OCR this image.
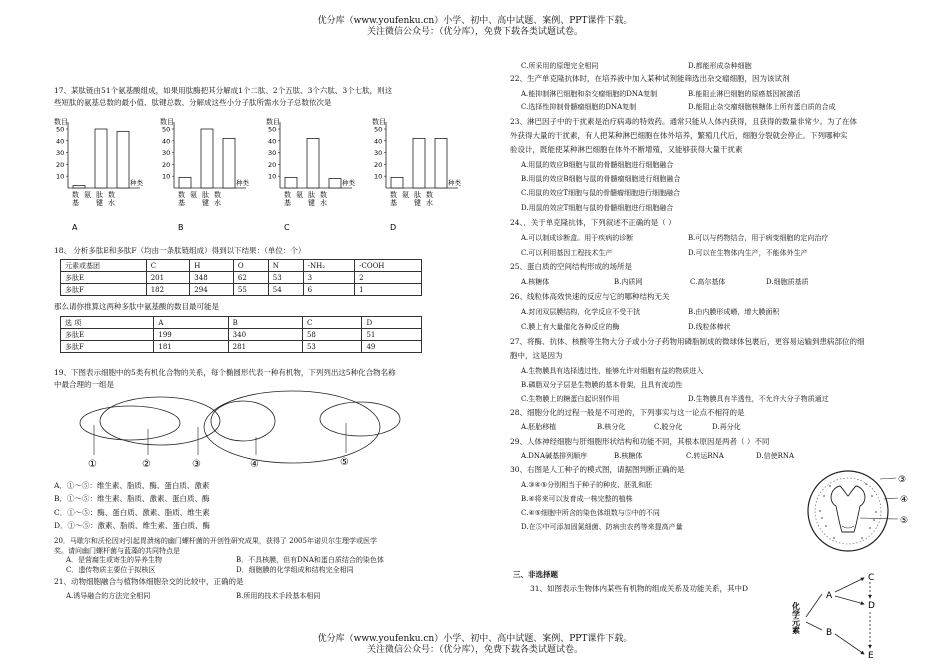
优分库（www.youfenku.cn）小学、初中、高中试题、案例、PPT课件下载。
关注微信公众号：（优分库），免费下载各类试题试卷。
17、某肽链由51个氨基酸组成，如果用肽酶把其分解成1个二肽、2个五肽、3个六肽、3个七肽，则这
些短肽的氨基总数的最小值、肽键总数、分解成这些小分子肽所需水分子总数依次是
数目
50
40
30
20
10
数 氨 肽 数
基 键 水
种类
A
数目
50
40
30
20
10
数 氨 肽 数
基 键 水
种类
B
数目
50
40
30
20
10
数 氨 肽 数
基 键 水
种类
C
数目
50
40
30
20
10
数 氨 肽 数
基 键 水
种类
D
18、 分析多肽E和多肽F（均由一条肽链组成）得到以下结果：（单位：个）
元素或基团	C	H	O	N	-NH₂	-COOH
多肽E	201	348	62	53	3	2
多肽F	182	294	55	54	6	1
那么请你推算这两种多肽中氨基酸的数目最可能是
选 项	A	B	C	D
多肽E	199	340	58	51
多肽F	181	281	53	49
19、下图表示细胞中的5类有机化合物的关系，每个椭圆形代表一种有机物，下列列出这5种化合物名称
中最合理的一组是
①	②	③	④	⑤
A．①～⑤：维生素、脂质、酶、蛋白质、激素
B．①～⑤：维生素、脂质、激素、蛋白质、酶
C．①～⑤：酶、蛋白质、激素、脂质、维生素
D．①～⑤：激素、脂质、维生素、蛋白质、酶
20．马歇尔和沃伦因对引起胃溃疡的幽门螺杆菌的开创性研究成果，获得了 2005年诺贝尔生理学或医学
奖。请问幽门螺杆菌与蓝藻的共同特点是
A．是营腐生或寄生的异养生物	B．不具核膜，但有DNA和蛋白质结合的染色体
C．遗传物质主要位于拟核区	D．细胞膜的化学组成和结构完全相同
21、动物细胞融合与植物体细胞杂交的比较中，正确的是
A.诱导融合的方法完全相同	B.所用的技术手段基本相同
C.所采用的原理完全相同	D.都能形成杂种细胞
22、生产单克隆抗体时，在培养液中加入某种试剂能筛选出杂交瘤细胞，因为该试剂
A.能抑制淋巴细胞和杂交瘤细胞的DNA复制	B.能阻止淋巴细胞的原癌基因被激活
C.选择性抑制骨髓瘤细胞的DNA复制	D.能阻止杂交瘤细胞核糖体上所有蛋白质的合成
23、淋巴因子中的干扰素是治疗病毒的特效药。通常只能从人体内获得，且获得的数量非常少。为了在体
外获得大量的干扰素，有人把某种淋巴细胞在体外培养，繁殖几代后，细胞分裂就会停止。下列哪种实
验设计，既能使某种淋巴细胞在体外不断增殖，又能够获得大量干扰素
A.用鼠的效应B细胞与鼠的骨髓细胞进行细胞融合
B.用鼠的效应B细胞与鼠的骨髓瘤细胞进行细胞融合
C.用鼠的效应T细胞与鼠的骨髓瘤细胞进行细胞融合
D.用鼠的效应T细胞与鼠的骨髓细胞进行细胞融合
24、．关于单克隆抗体，下列叙述不正确的是（ ）
A.可以制成诊断盒。用于疾病的诊断	B.可以与药物结合，用于病变细胞的定向治疗
C.可以利用基因工程技术生产	D.可以在生物体内生产，不能体外生产
25、蛋白质的空间结构形成的场所是
A.核糖体	B.内质网	C.高尔基体	D.细胞质基质
26、线粒体高效快速的反应与它的哪种结构无关
A.封闭双层膜结构，化学反应不受干扰	B.由内膜形成嵴，增大膜面积
C.膜上有大量催化各种反应的酶	D.线粒体棒状
27、将酶、抗体、核酸等生物大分子或小分子药物用磷脂制成的微球体包裹后，更容易运输到患病部位的细
胞中，这是因为
A.生物膜具有选择透过性，能够允许对细胞有益的物质进入
B.磷脂双分子层是生物膜的基本骨架，且具有流动性
C.生物膜上的糖蛋白起识别作用	D.生物膜具有半透性，不允许大分子物质通过
28、细胞分化的过程一般是不可逆的，下列事实与这一论点不相符的是
A.胚胎移植	B.核分化	C.脱分化	D.再分化
29、人体神经细胞与肝细胞形状结构和功能不同，其根本原因是两者（ ）不同
A.DNA碱基排列顺序	B.核糖体	C.转运RNA	D.信使RNA
30、右图是人工种子的模式图，请据图判断正确的是
A.③④⑤分别相当于种子的种皮、胚乳和胚
B.④将来可以发育成一株完整的植株
C.④⑤细胞中所含的染色体组数与⑤中的不同
D.在⑤中可添加固氮细菌、防病虫农药等来提高产量
③
④
⑤
三、非选择题
31、如图表示生物体内某些有机物的组成关系及功能关系，其中D
化学元素
A
B
C
D
E
优分库（www.youfenku.cn）小学、初中、高中试题、案例、PPT课件下载。
关注微信公众号：（优分库），免费下载各类试题试卷。
